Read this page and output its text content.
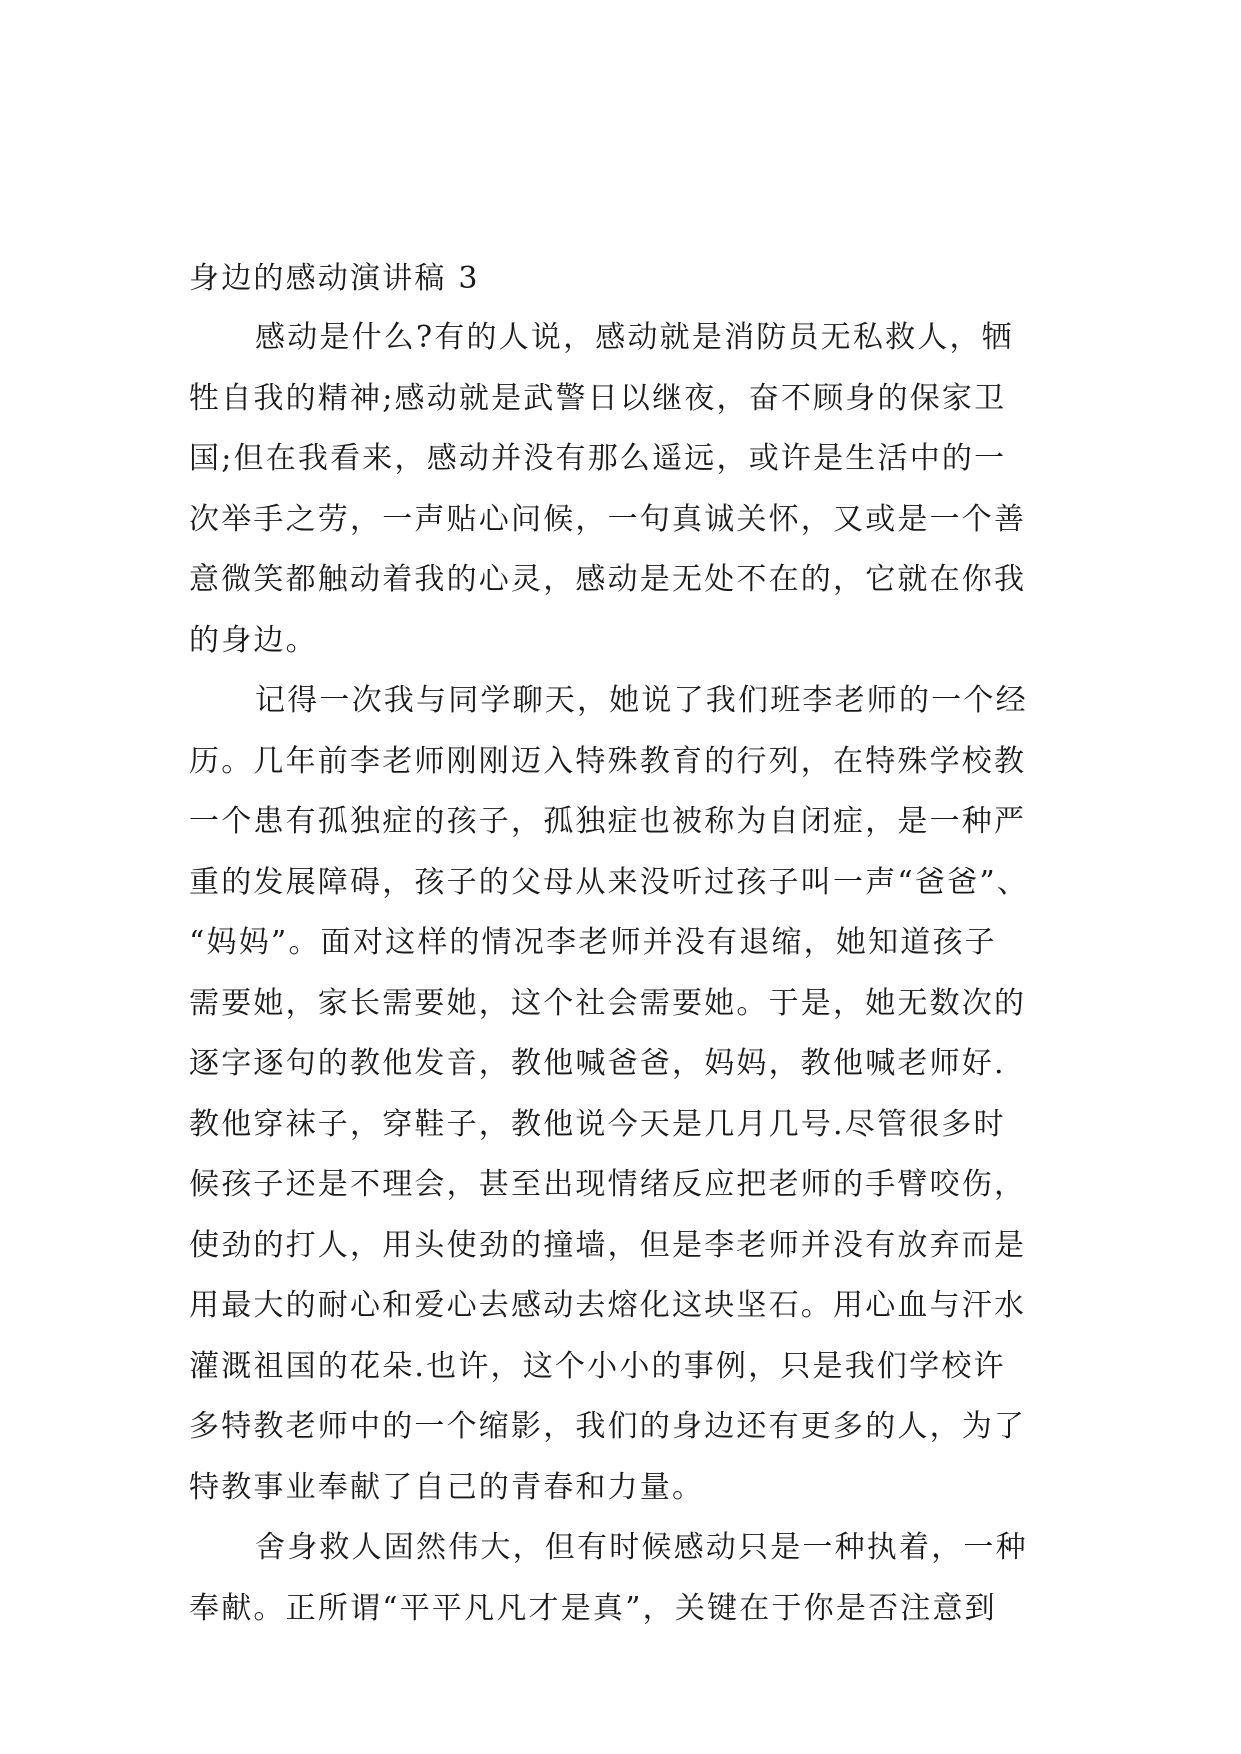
身边的感动演讲稿 3
感动是什么?有的人说，感动就是消防员无私救人，牺
牲自我的精神;感动就是武警日以继夜，奋不顾身的保家卫
国;但在我看来，感动并没有那么遥远，或许是生活中的一
次举手之劳，一声贴心问候，一句真诚关怀，又或是一个善
意微笑都触动着我的心灵，感动是无处不在的，它就在你我
的身边。
记得一次我与同学聊天，她说了我们班李老师的一个经
历。几年前李老师刚刚迈入特殊教育的行列，在特殊学校教
一个患有孤独症的孩子，孤独症也被称为自闭症，是一种严
重的发展障碍，孩子的父母从来没听过孩子叫一声“爸爸”、
“妈妈”。面对这样的情况李老师并没有退缩，她知道孩子
需要她，家长需要她，这个社会需要她。于是，她无数次的
逐字逐句的教他发音，教他喊爸爸，妈妈，教他喊老师好.
教他穿袜子，穿鞋子，教他说今天是几月几号.尽管很多时
候孩子还是不理会，甚至出现情绪反应把老师的手臂咬伤，
使劲的打人，用头使劲的撞墙，但是李老师并没有放弃而是
用最大的耐心和爱心去感动去熔化这块坚石。用心血与汗水
灌溉祖国的花朵.也许，这个小小的事例，只是我们学校许
多特教老师中的一个缩影，我们的身边还有更多的人，为了
特教事业奉献了自己的青春和力量。
舍身救人固然伟大，但有时候感动只是一种执着，一种
奉献。正所谓“平平凡凡才是真”，关键在于你是否注意到
